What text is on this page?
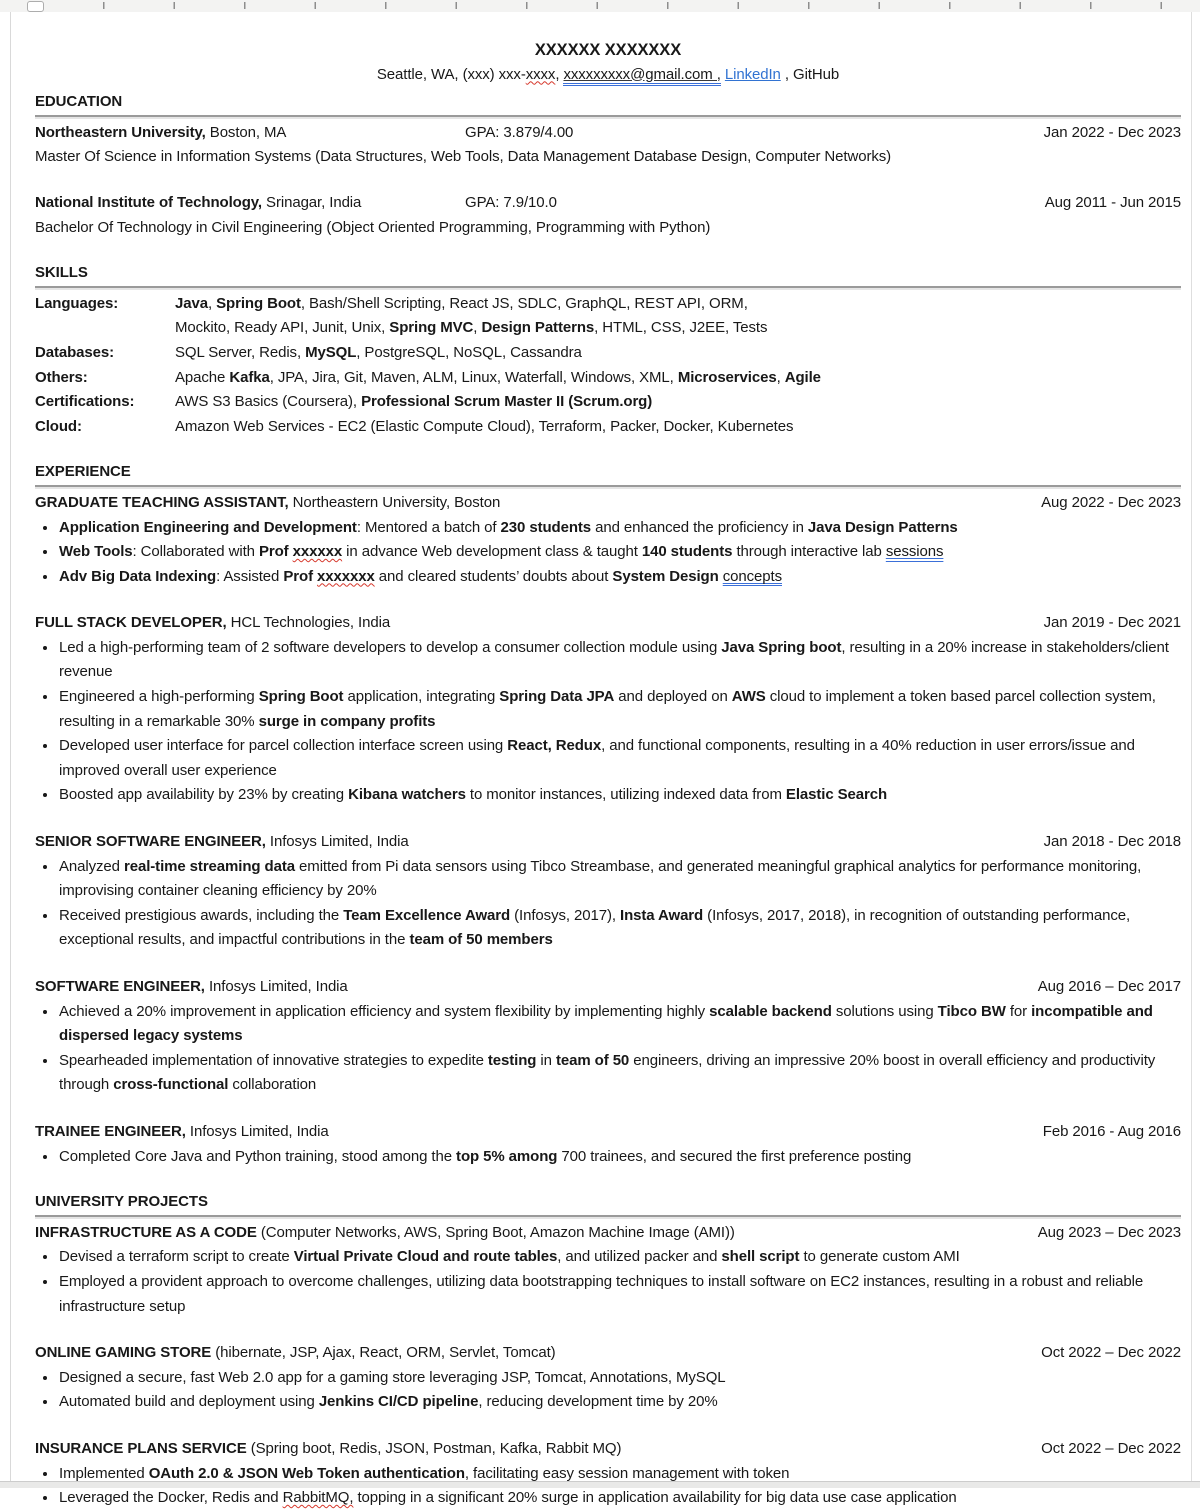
XXXXXX XXXXXXX
Seattle, WA, (xxx) xxx-xxxx, xxxxxxxxx@gmail.com , LinkedIn , GitHub
EDUCATION
Northeastern University, Boston, MA	GPA: 3.879/4.00	Jan 2022 - Dec 2023
Master Of Science in Information Systems (Data Structures, Web Tools, Data Management Database Design, Computer Networks)
National Institute of Technology, Srinagar, India	GPA: 7.9/10.0	Aug 2011 - Jun 2015
Bachelor Of Technology in Civil Engineering (Object Oriented Programming, Programming with Python)
SKILLS
Languages:	Java, Spring Boot, Bash/Shell Scripting, React JS, SDLC, GraphQL, REST API, ORM,
Mockito, Ready API, Junit, Unix, Spring MVC, Design Patterns, HTML, CSS, J2EE, Tests
Databases:	SQL Server, Redis, MySQL, PostgreSQL, NoSQL, Cassandra
Others:	Apache Kafka, JPA, Jira, Git, Maven, ALM, Linux, Waterfall, Windows, XML, Microservices, Agile
Certifications:	AWS S3 Basics (Coursera), Professional Scrum Master II (Scrum.org)
Cloud:	Amazon Web Services - EC2 (Elastic Compute Cloud), Terraform, Packer, Docker, Kubernetes
EXPERIENCE
GRADUATE TEACHING ASSISTANT, Northeastern University, Boston	Aug 2022 - Dec 2023
• Application Engineering and Development: Mentored a batch of 230 students and enhanced the proficiency in Java Design Patterns
• Web Tools: Collaborated with Prof xxxxxx in advance Web development class & taught 140 students through interactive lab sessions
• Adv Big Data Indexing: Assisted Prof xxxxxxx and cleared students’ doubts about System Design concepts
FULL STACK DEVELOPER, HCL Technologies, India	Jan 2019 - Dec 2021
• Led a high-performing team of 2 software developers to develop a consumer collection module using Java Spring boot, resulting in a 20% increase in stakeholders/client revenue
• Engineered a high-performing Spring Boot application, integrating Spring Data JPA and deployed on AWS cloud to implement a token based parcel collection system, resulting in a remarkable 30% surge in company profits
• Developed user interface for parcel collection interface screen using React, Redux, and functional components, resulting in a 40% reduction in user errors/issue and improved overall user experience
• Boosted app availability by 23% by creating Kibana watchers to monitor instances, utilizing indexed data from Elastic Search
SENIOR SOFTWARE ENGINEER, Infosys Limited, India	Jan 2018 - Dec 2018
• Analyzed real-time streaming data emitted from Pi data sensors using Tibco Streambase, and generated meaningful graphical analytics for performance monitoring, improvising container cleaning efficiency by 20%
• Received prestigious awards, including the Team Excellence Award (Infosys, 2017), Insta Award (Infosys, 2017, 2018), in recognition of outstanding performance, exceptional results, and impactful contributions in the team of 50 members
SOFTWARE ENGINEER, Infosys Limited, India	Aug 2016 – Dec 2017
• Achieved a 20% improvement in application efficiency and system flexibility by implementing highly scalable backend solutions using Tibco BW for incompatible and dispersed legacy systems
• Spearheaded implementation of innovative strategies to expedite testing in team of 50 engineers, driving an impressive 20% boost in overall efficiency and productivity through cross-functional collaboration
TRAINEE ENGINEER, Infosys Limited, India	Feb 2016 - Aug 2016
• Completed Core Java and Python training, stood among the top 5% among 700 trainees, and secured the first preference posting
UNIVERSITY PROJECTS
INFRASTRUCTURE AS A CODE (Computer Networks, AWS, Spring Boot, Amazon Machine Image (AMI))	Aug 2023 – Dec 2023
• Devised a terraform script to create Virtual Private Cloud and route tables, and utilized packer and shell script to generate custom AMI
• Employed a provident approach to overcome challenges, utilizing data bootstrapping techniques to install software on EC2 instances, resulting in a robust and reliable infrastructure setup
ONLINE GAMING STORE (hibernate, JSP, Ajax, React, ORM, Servlet, Tomcat)	Oct 2022 – Dec 2022
• Designed a secure, fast Web 2.0 app for a gaming store leveraging JSP, Tomcat, Annotations, MySQL
• Automated build and deployment using Jenkins CI/CD pipeline, reducing development time by 20%
INSURANCE PLANS SERVICE (Spring boot, Redis, JSON, Postman, Kafka, Rabbit MQ)	Oct 2022 – Dec 2022
• Implemented OAuth 2.0 & JSON Web Token authentication, facilitating easy session management with token
• Leveraged the Docker, Redis and RabbitMQ, topping in a significant 20% surge in application availability for big data use case application
